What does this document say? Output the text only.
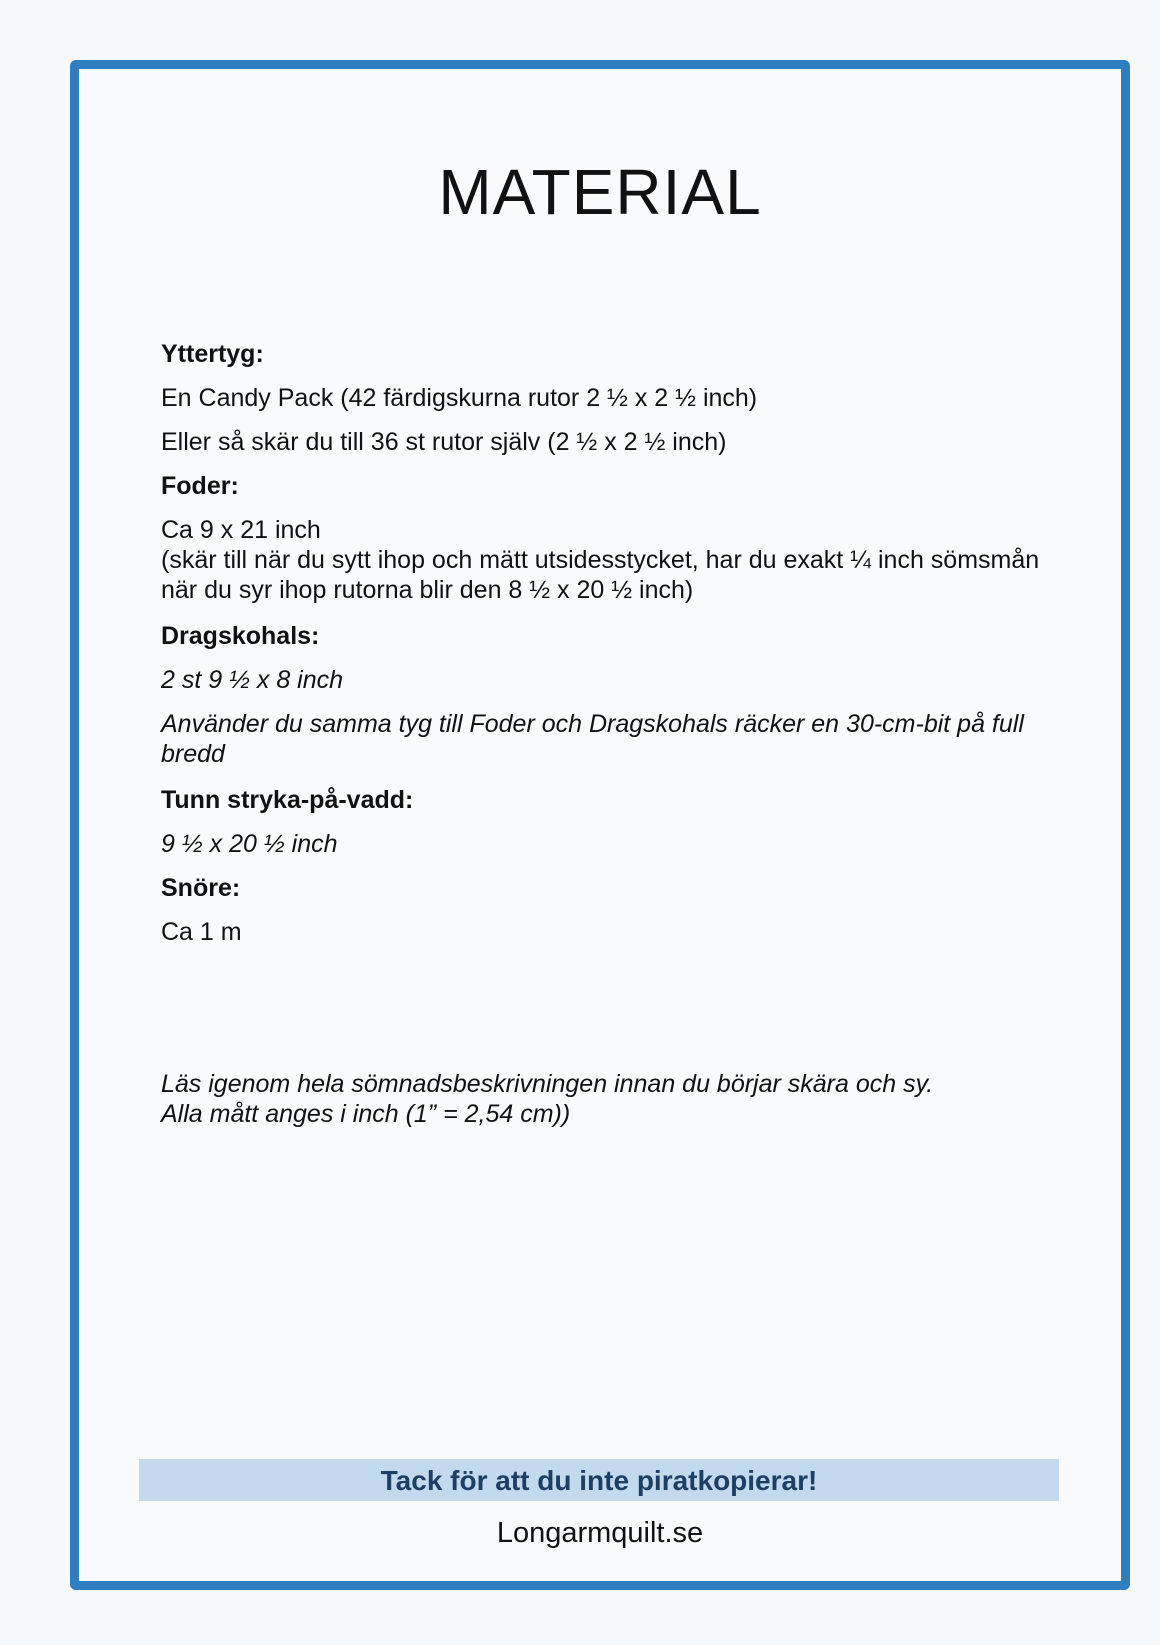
MATERIAL
Yttertyg:
En Candy Pack (42 färdigskurna rutor 2 ½ x 2 ½ inch)
Eller så skär du till 36 st rutor själv (2 ½ x 2 ½ inch)
Foder:
Ca 9 x 21 inch
(skär till när du sytt ihop och mätt utsidesstycket, har du exakt ¼ inch sömsmån när du syr ihop rutorna blir den 8 ½ x 20 ½ inch)
Dragskohals:
2 st 9 ½ x 8 inch
Använder du samma tyg till Foder och Dragskohals räcker en 30-cm-bit på full bredd
Tunn stryka-på-vadd:
9 ½ x 20 ½ inch
Snöre:
Ca 1 m
Läs igenom hela sömnadsbeskrivningen innan du börjar skära och sy.
Alla mått anges i inch (1” = 2,54 cm))
Tack för att du inte piratkopierar!
Longarmquilt.se
